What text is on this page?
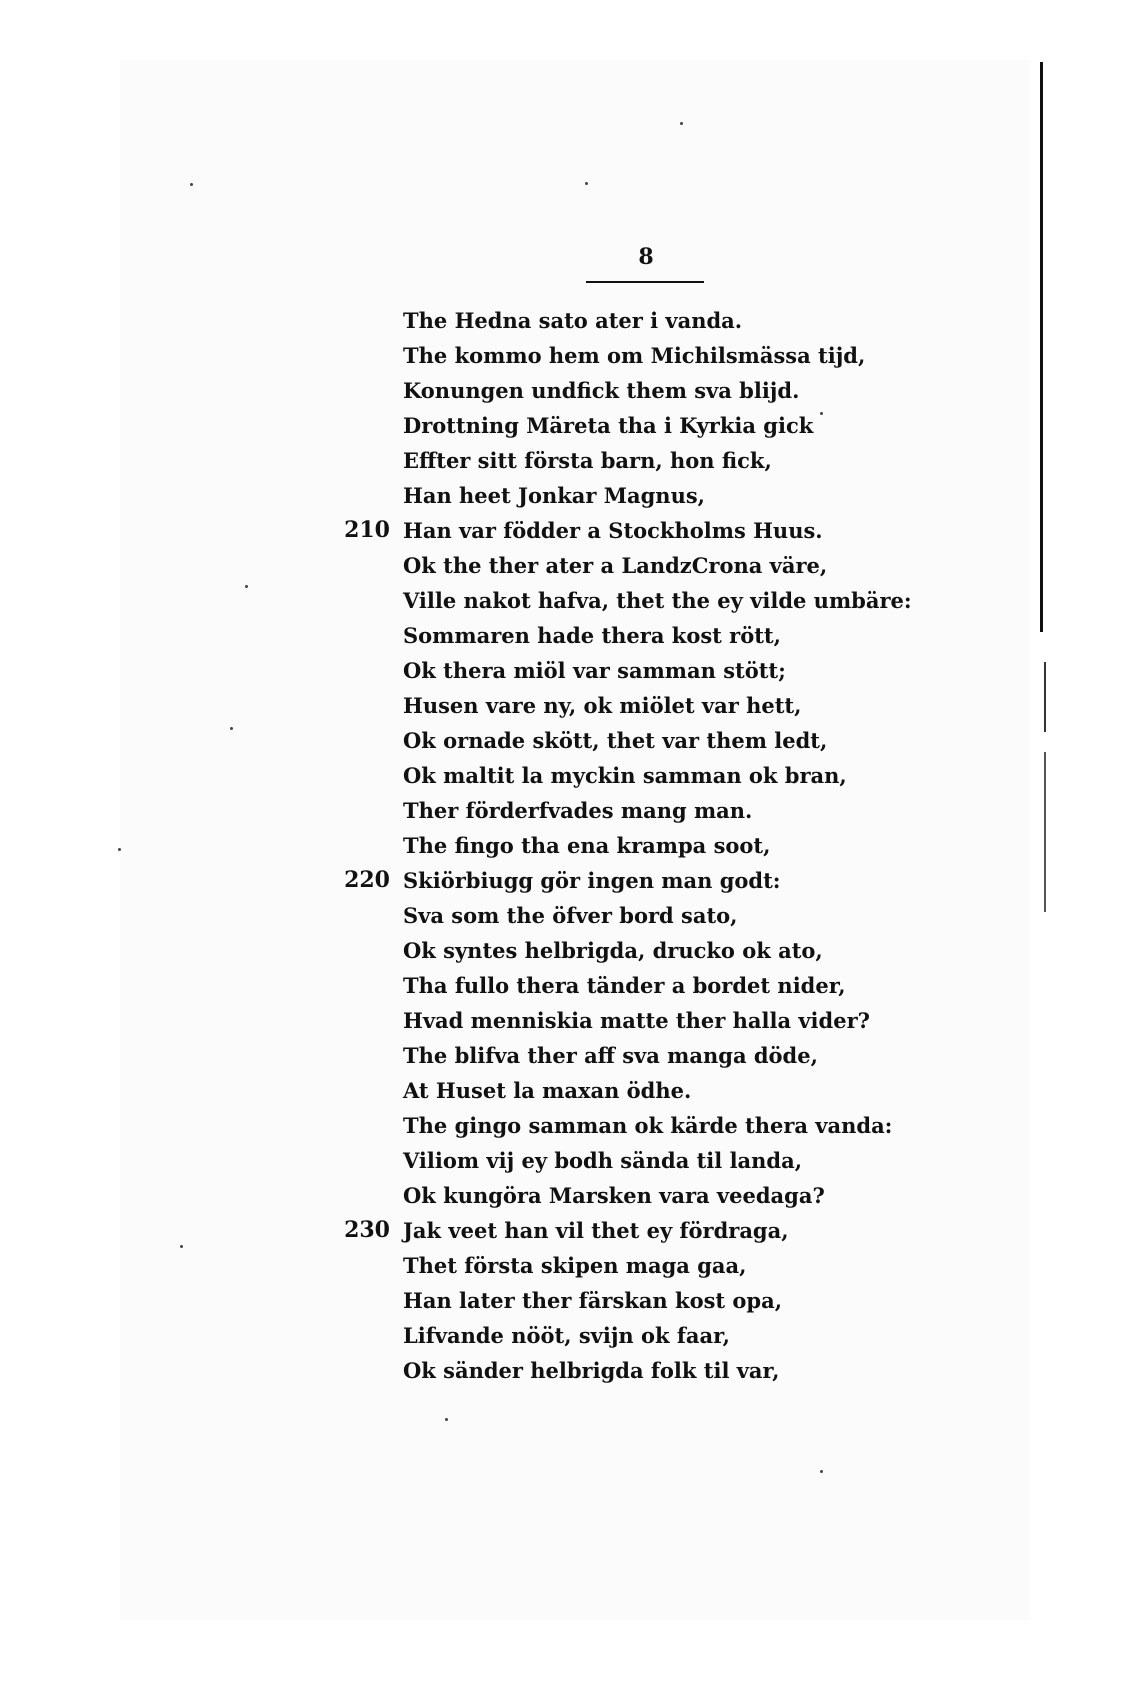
8
The Hedna sato ater i vanda.
The kommo hem om Michilsmässa tijd,
Konungen undfick them sva blijd.
Drottning Märeta tha i Kyrkia gick
Effter sitt första barn, hon fick,
Han heet Jonkar Magnus,
210 Han var födder a Stockholms Huus.
Ok the ther ater a LandzCrona väre,
Ville nakot hafva, thet the ey vilde umbäre:
Sommaren hade thera kost rött,
Ok thera miöl var samman stött;
Husen vare ny, ok miölet var hett,
Ok ornade skött, thet var them ledt,
Ok maltit la myckin samman ok bran,
Ther förderfvades mang man.
The fingo tha ena krampa soot,
220 Skiörbiugg gör ingen man godt:
Sva som the öfver bord sato,
Ok syntes helbrigda, drucko ok ato,
Tha fullo thera tänder a bordet nider,
Hvad menniskia matte ther halla vider?
The blifva ther aff sva manga döde,
At Huset la maxan ödhe.
The gingo samman ok kärde thera vanda:
Viliom vij ey bodh sända til landa,
Ok kungöra Marsken vara veedaga?
230 Jak veet han vil thet ey fördraga,
Thet första skipen maga gaa,
Han later ther färskan kost opa,
Lifvande nööt, svijn ok faar,
Ok sänder helbrigda folk til var,
